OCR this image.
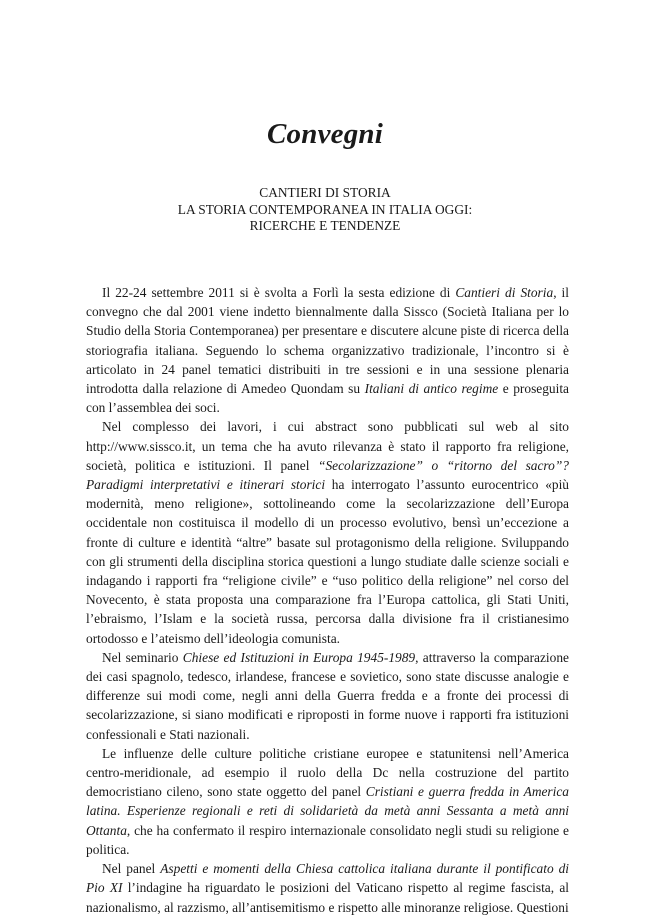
Convegni
CANTIERI DI STORIA
LA STORIA CONTEMPORANEA IN ITALIA OGGI:
RICERCHE E TENDENZE

Il 22-24 settembre 2011 si è svolta a Forlì la sesta edizione di Cantieri di Storia, il convegno che dal 2001 viene indetto biennalmente dalla Sissco (Società Italiana per lo Studio della Storia Contemporanea) per presentare e discutere alcune piste di ricerca della storiografia italiana. Seguendo lo schema organizzativo tradizionale, l’incontro si è articolato in 24 panel tematici distribuiti in tre sessioni e in una sessione plenaria introdotta dalla relazione di Amedeo Quondam su Italiani di antico regime e proseguita con l’assemblea dei soci.

Nel complesso dei lavori, i cui abstract sono pubblicati sul web al sito http://www.sissco.it, un tema che ha avuto rilevanza è stato il rapporto fra religione, società, politica e istituzioni. Il panel “Secolarizzazione” o “ritorno del sacro”? Paradigmi interpretativi e itinerari storici ha interrogato l’assunto eurocentrico «più modernità, meno religione», sottolineando come la secolarizzazione dell’Europa occidentale non costituisca il modello di un processo evolutivo, bensì un’eccezione a fronte di culture e identità “altre” basate sul protagonismo della religione. Sviluppando con gli strumenti della disciplina storica questioni a lungo studiate dalle scienze sociali e indagando i rapporti fra “religione civile” e “uso politico della religione” nel corso del Novecento, è stata proposta una comparazione fra l’Europa cattolica, gli Stati Uniti, l’ebraismo, l’Islam e la società russa, percorsa dalla divisione fra il cristianesimo ortodosso e l’ateismo dell’ideologia comunista.

Nel seminario Chiese ed Istituzioni in Europa 1945-1989, attraverso la comparazione dei casi spagnolo, tedesco, irlandese, francese e sovietico, sono state discusse analogie e differenze sui modi come, negli anni della Guerra fredda e a fronte dei processi di secolarizzazione, si siano modificati e riproposti in forme nuove i rapporti fra istituzioni confessionali e Stati nazionali.

Le influenze delle culture politiche cristiane europee e statunitensi nell’America centro-meridionale, ad esempio il ruolo della Dc nella costruzione del partito democristiano cileno, sono state oggetto del panel Cristiani e guerra fredda in America latina. Esperienze regionali e reti di solidarietà da metà anni Sessanta a metà anni Ottanta, che ha confermato il respiro internazionale consolidato negli studi su religione e politica.

Nel panel Aspetti e momenti della Chiesa cattolica italiana durante il pontificato di Pio XI l’indagine ha riguardato le posizioni del Vaticano rispetto al regime fascista, al nazionalismo, al razzismo, all’antisemitismo e rispetto alle minoranze religiose. Questioni
